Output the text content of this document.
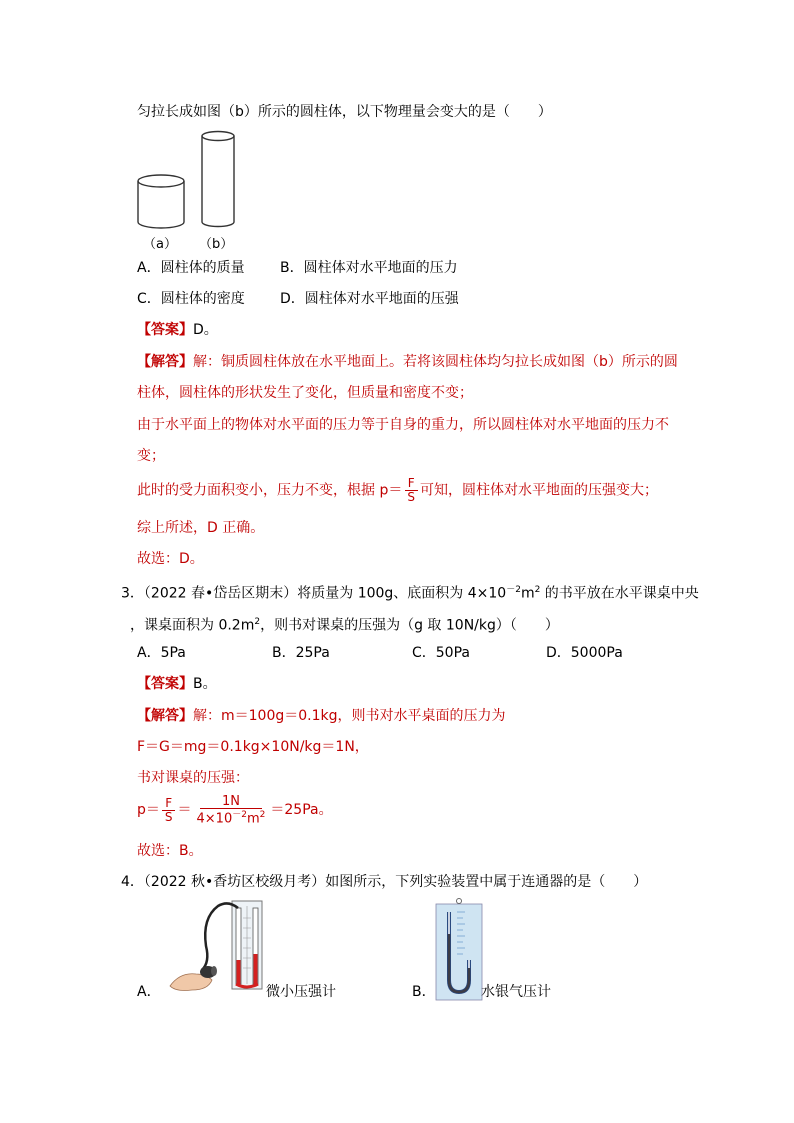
匀拉长成如图（b）所示的圆柱体，以下物理量会变大的是（　　）
（a） （b）
A．圆柱体的质量	B．圆柱体对水平地面的压力
C．圆柱体的密度	D．圆柱体对水平地面的压强
【答案】D。
【解答】解：铜质圆柱体放在水平地面上。若将该圆柱体均匀拉长成如图（b）所示的圆
柱体，圆柱体的形状发生了变化，但质量和密度不变；
由于水平面上的物体对水平面的压力等于自身的重力，所以圆柱体对水平地面的压力不
变；
此时的受力面积变小，压力不变，根据 $p= \frac{F}{S}$ 可知，圆柱体对水平地面的压强变大；
综上所述，D 正确。
故选：D。
3．（2022 春•岱岳区期末）将质量为 100g、底面积为 $4\times 10^{-2}m^2$ 的书平放在水平课桌中央
，课桌面积为 $0.2m^2$，则书对课桌的压强为（g 取 10N/kg）（　　）
A．5Pa	B．25Pa	C．50Pa	D．5000Pa
【答案】B。
【解答】解：m＝100g＝0.1kg，则书对水平桌面的压力为
F＝G＝mg＝0.1kg×10N/kg＝1N，
书对课桌的压强：
$p= \frac{F}{S} = \frac{1N}{4\times 10^{-2}m^2} =25Pa$。
故选：B。
4．（2022 秋•香坊区校级月考）如图所示，下列实验装置中属于连通器的是（　　）
A．	微小压强计	B．	水银气压计
